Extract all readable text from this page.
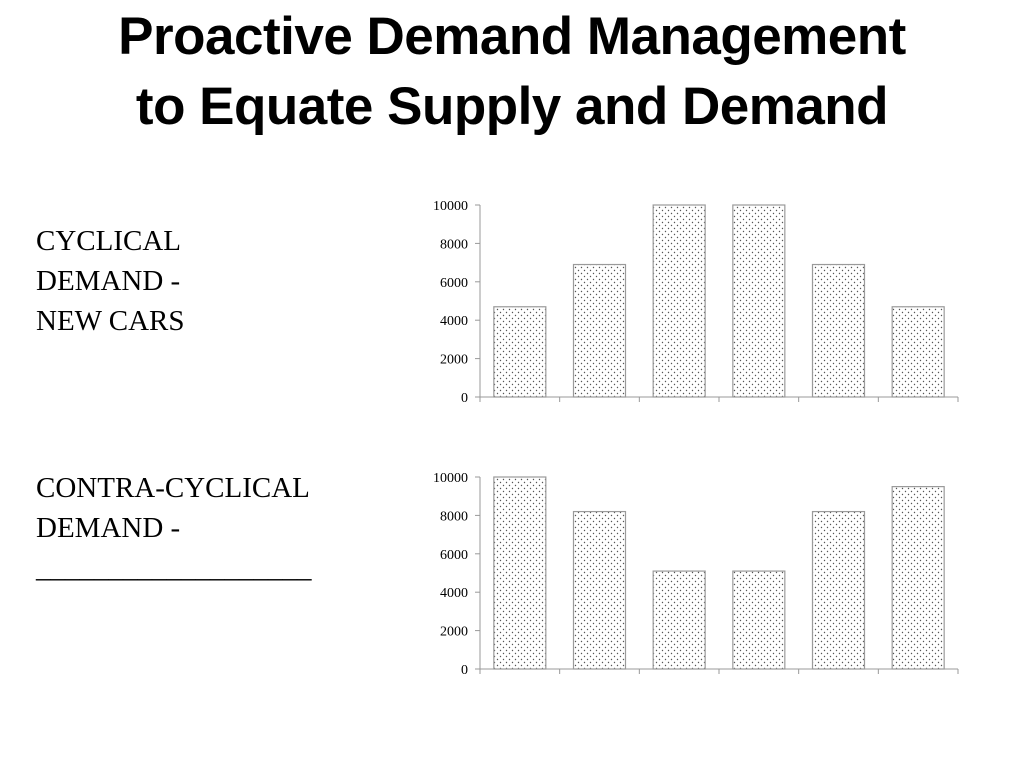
Proactive Demand Management
to Equate Supply and Demand
CYCLICAL
DEMAND -
NEW CARS
CONTRA-CYCLICAL
DEMAND -
___________________
0
2000
4000
6000
8000
10000
0
2000
4000
6000
8000
10000
